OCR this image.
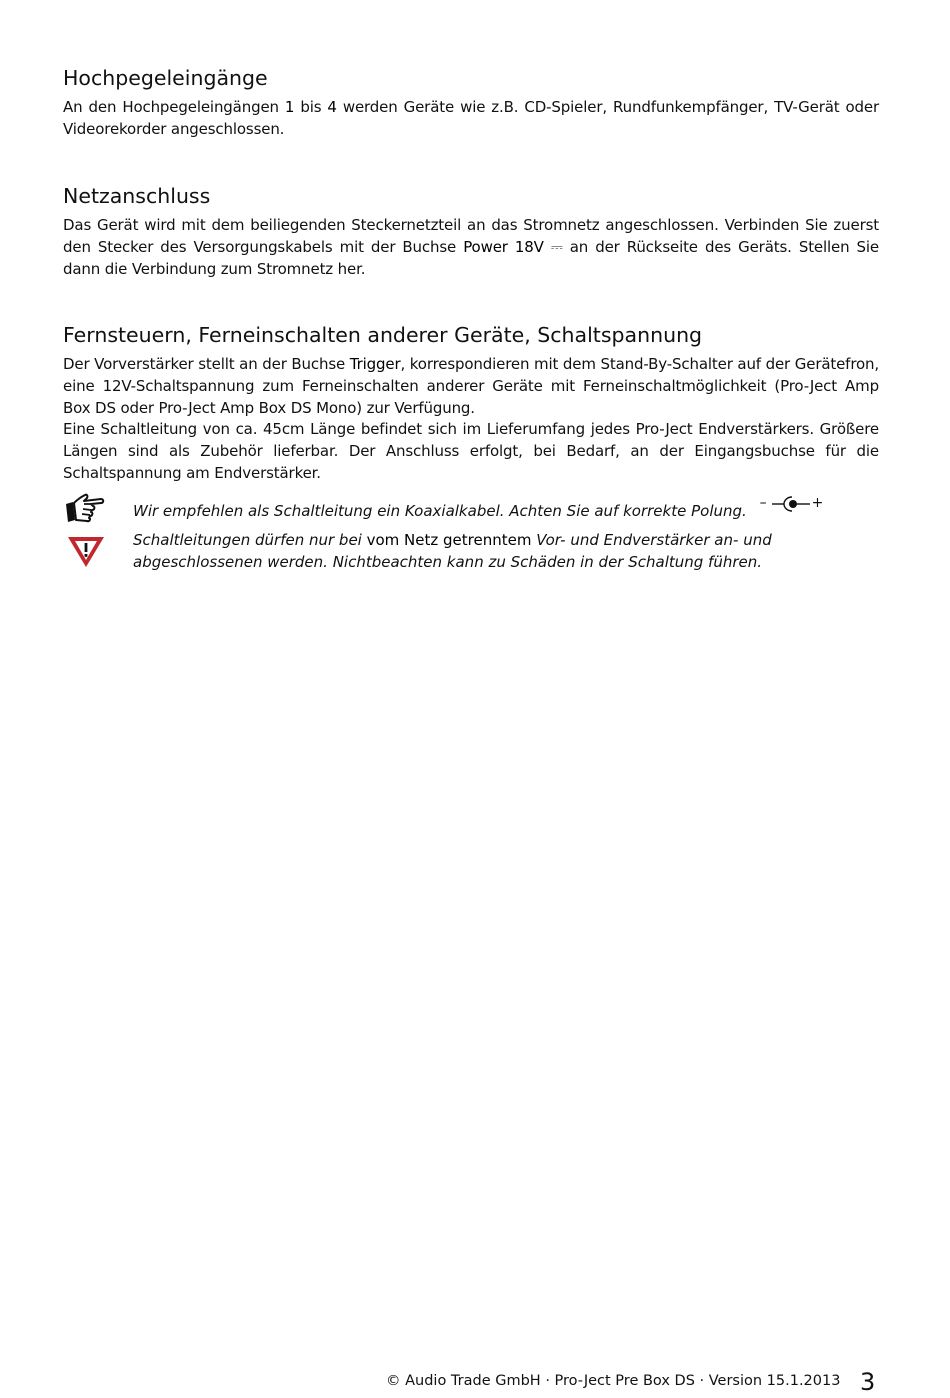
Hochpegeleingänge
An den Hochpegeleingängen 1 bis 4 werden Geräte wie z.B. CD-Spieler, Rundfunkempfänger, TV-Gerät oder Videorekorder angeschlossen.
Netzanschluss
Das Gerät wird mit dem beiliegenden Steckernetzteil an das Stromnetz angeschlossen. Verbinden Sie zuerst den Stecker des Versorgungskabels mit der Buchse Power 18V ⎓ an der Rückseite des Geräts. Stellen Sie dann die Verbindung zum Stromnetz her.
Fernsteuern, Ferneinschalten anderer Geräte, Schaltspannung
Der Vorverstärker stellt an der Buchse Trigger, korrespondieren mit dem Stand-By-Schalter auf der Gerätefron, eine 12V-Schaltspannung zum Ferneinschalten anderer Geräte mit Ferneinschaltmöglichkeit (Pro-Ject Amp Box DS oder Pro-Ject Amp Box DS Mono) zur Verfügung.
Eine Schaltleitung von ca. 45cm Länge befindet sich im Lieferumfang jedes Pro-Ject Endverstärkers. Größere Längen sind als Zubehör lieferbar. Der Anschluss erfolgt, bei Bedarf, an der Eingangsbuchse für die Schaltspannung am Endverstärker.
Wir empfehlen als Schaltleitung ein Koaxialkabel. Achten Sie auf korrekte Polung. –	+
Schaltleitungen dürfen nur bei vom Netz getrenntem Vor- und Endverstärker an- und abgeschlossenen werden. Nichtbeachten kann zu Schäden in der Schaltung führen.
© Audio Trade GmbH · Pro-Ject Pre Box DS · Version 15.1.2013 3
